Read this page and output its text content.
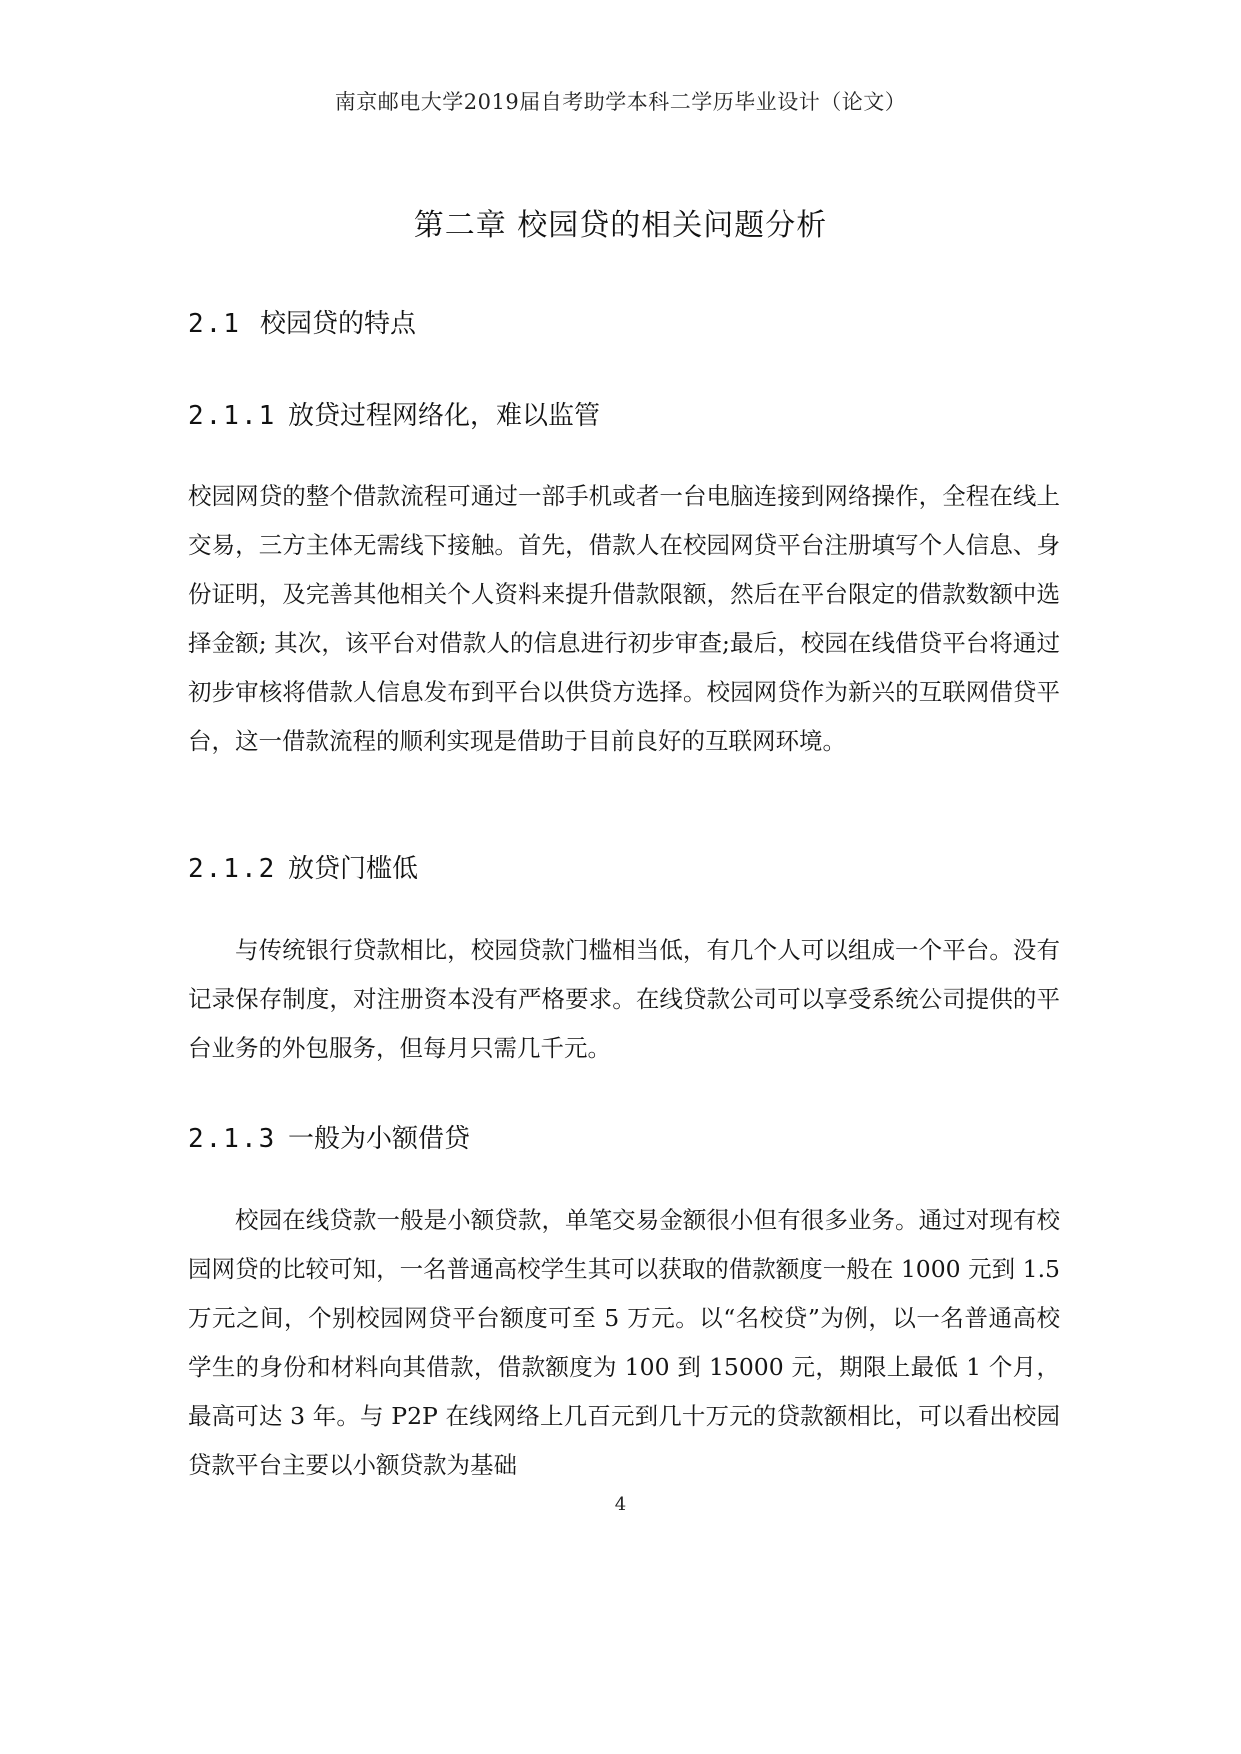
南京邮电大学2019届自考助学本科二学历毕业设计（论文）
第二章 校园贷的相关问题分析
2.1 校园贷的特点
2.1.1 放贷过程网络化，难以监管

校园网贷的整个借款流程可通过一部手机或者一台电脑连接到网络操作，全程在线上交易，三方主体无需线下接触。首先，借款人在校园网贷平台注册填写个人信息、身份证明，及完善其他相关个人资料来提升借款限额，然后在平台限定的借款数额中选择金额; 其次，该平台对借款人的信息进行初步审查;最后，校园在线借贷平台将通过初步审核将借款人信息发布到平台以供贷方选择。校园网贷作为新兴的互联网借贷平台，这一借款流程的顺利实现是借助于目前良好的互联网环境。

2.1.2 放贷门槛低

与传统银行贷款相比，校园贷款门槛相当低，有几个人可以组成一个平台。没有记录保存制度，对注册资本没有严格要求。在线贷款公司可以享受系统公司提供的平台业务的外包服务，但每月只需几千元。

2.1.3 一般为小额借贷

校园在线贷款一般是小额贷款，单笔交易金额很小但有很多业务。通过对现有校园网贷的比较可知，一名普通高校学生其可以获取的借款额度一般在 1000 元到 1.5 万元之间，个别校园网贷平台额度可至 5 万元。以“名校贷”为例，以一名普通高校学生的身份和材料向其借款，借款额度为 100 到 15000 元，期限上最低 1 个月，最高可达 3 年。与 P2P 在线网络上几百元到几十万元的贷款额相比，可以看出校园贷款平台主要以小额贷款为基础

4
